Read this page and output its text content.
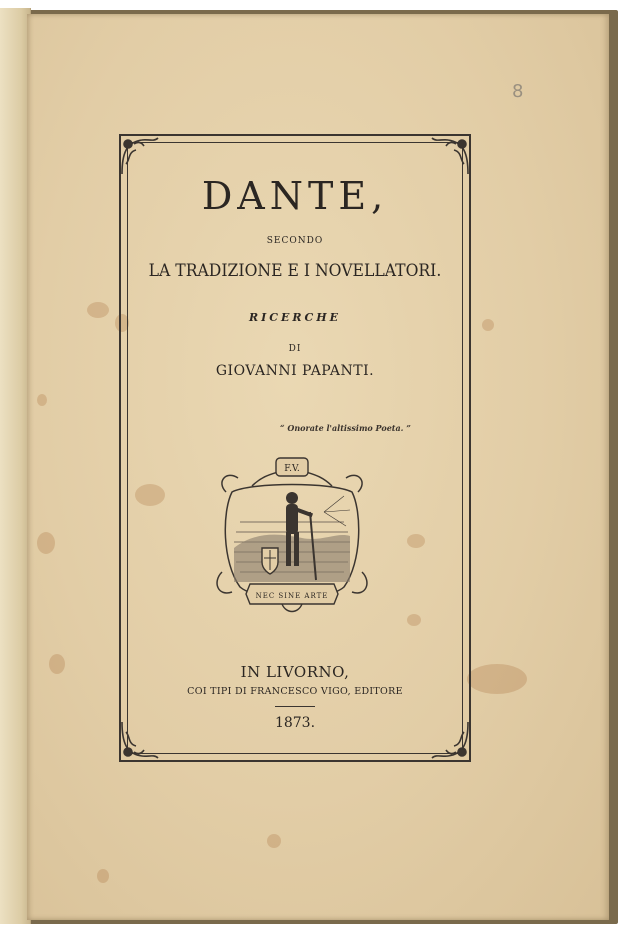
8

DANTE,

SECONDO

LA TRADIZIONE E I NOVELLATORI.

RICERCHE

DI

GIOVANNI PAPANTI.

“ Onorate l'altissimo Poeta. ”

F.V.
NEC SINE ARTE

IN LIVORNO,

COI TIPI DI FRANCESCO VIGO, EDITORE

1873.
